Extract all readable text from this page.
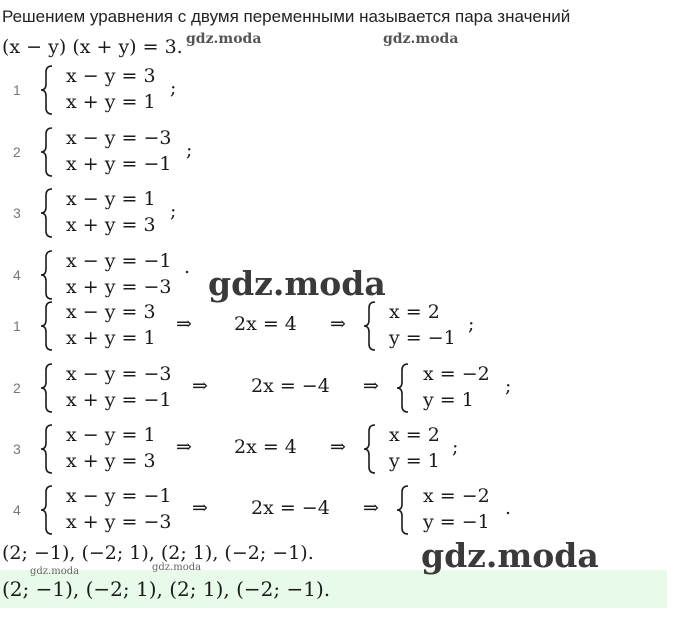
Решением уравнения с двумя переменными называется пара значений
(x − y) (x + y) = 3.
1
x − y = 3
x + y = 1
;
2
x − y = −3
x + y = −1
;
3
x − y = 1
x + y = 3
;
4
x − y = −1
x + y = −3
.
1
x − y = 3
x + y = 1
⇒ 2x = 4 ⇒
x = 2
y = −1
;
2
x − y = −3
x + y = −1
⇒ 2x = −4 ⇒
x = −2
y = 1
;
3
x − y = 1
x + y = 3
⇒ 2x = 4 ⇒
x = 2
y = 1
;
4
x − y = −1
x + y = −3
⇒ 2x = −4 ⇒
x = −2
y = −1
.
(2; −1), (−2; 1), (2; 1), (−2; −1).
(2; −1), (−2; 1), (2; 1), (−2; −1).
gdz.moda	gdz.moda
gdz.moda
gdz.moda
gdz.moda	gdz.moda
